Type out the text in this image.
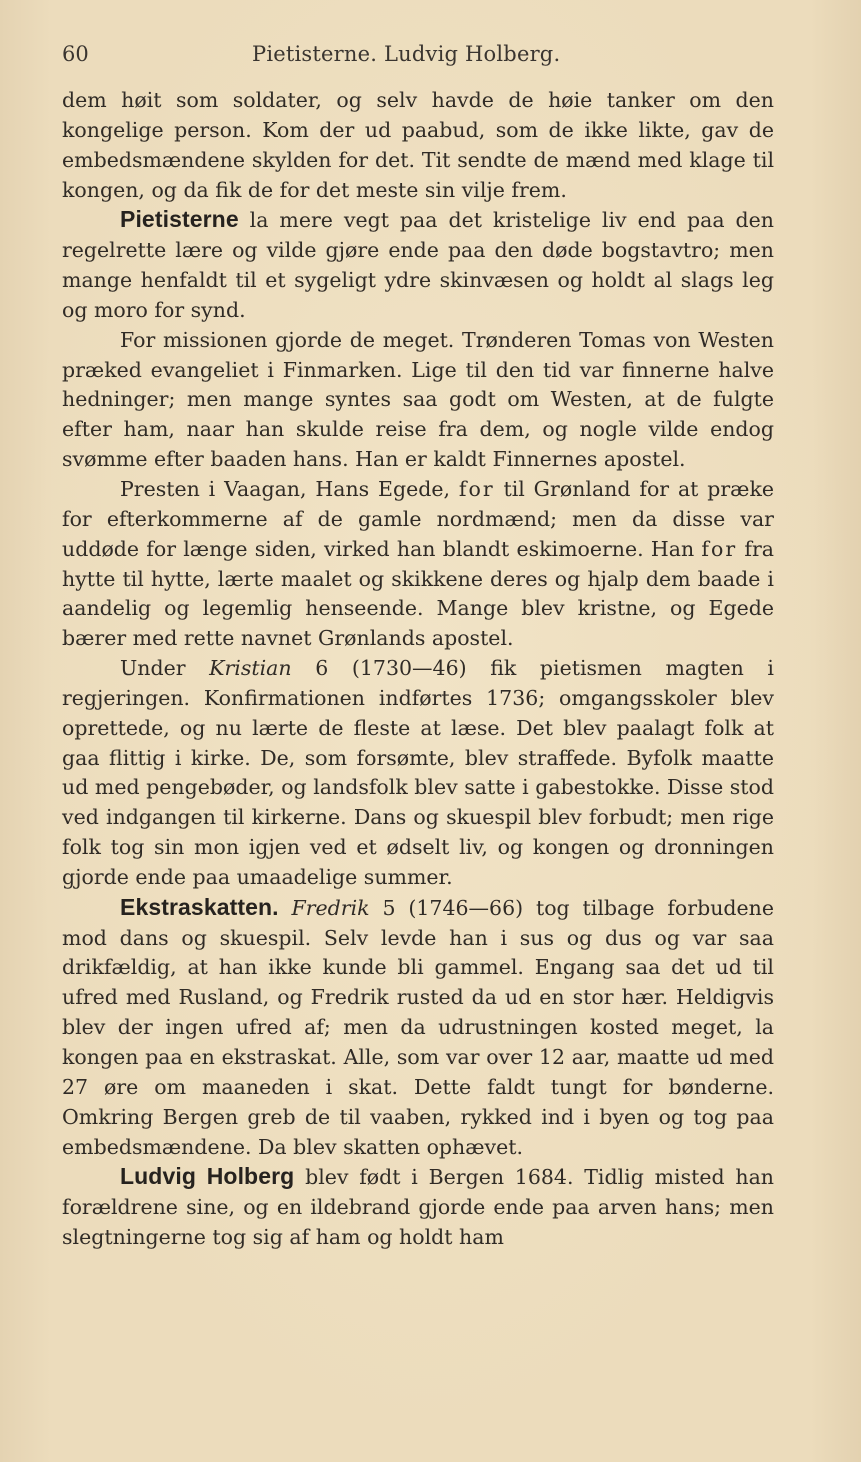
60	Pietisterne. Ludvig Holberg.

dem høit som soldater, og selv havde de høie tanker om den kongelige person. Kom der ud paabud, som de ikke likte, gav de embedsmændene skylden for det. Tit sendte de mænd med klage til kongen, og da fik de for det meste sin vilje frem.

Pietisterne la mere vegt paa det kristelige liv end paa den regelrette lære og vilde gjøre ende paa den døde bogstavtro; men mange henfaldt til et sygeligt ydre skinvæsen og holdt al slags leg og moro for synd.

For missionen gjorde de meget. Trønderen Tomas von Westen præked evangeliet i Finmarken. Lige til den tid var finnerne halve hedninger; men mange syntes saa godt om Westen, at de fulgte efter ham, naar han skulde reise fra dem, og nogle vilde endog svømme efter baaden hans. Han er kaldt Finnernes apostel.

Presten i Vaagan, Hans Egede, for til Grønland for at præke for efterkommerne af de gamle nordmænd; men da disse var uddøde for længe siden, virked han blandt eskimoerne. Han for fra hytte til hytte, lærte maalet og skikkene deres og hjalp dem baade i aandelig og legemlig henseende. Mange blev kristne, og Egede bærer med rette navnet Grønlands apostel.

Under Kristian 6 (1730—46) fik pietismen magten i regjeringen. Konfirmationen indførtes 1736; omgangsskoler blev oprettede, og nu lærte de fleste at læse. Det blev paalagt folk at gaa flittig i kirke. De, som forsømte, blev straffede. Byfolk maatte ud med pengebøder, og landsfolk blev satte i gabestokke. Disse stod ved indgangen til kirkerne. Dans og skuespil blev forbudt; men rige folk tog sin mon igjen ved et ødselt liv, og kongen og dronningen gjorde ende paa umaadelige summer.

Ekstraskatten. Fredrik 5 (1746—66) tog tilbage forbudene mod dans og skuespil. Selv levde han i sus og dus og var saa drikfældig, at han ikke kunde bli gammel. Engang saa det ud til ufred med Rusland, og Fredrik rusted da ud en stor hær. Heldigvis blev der ingen ufred af; men da udrustningen kosted meget, la kongen paa en ekstraskat. Alle, som var over 12 aar, maatte ud med 27 øre om maaneden i skat. Dette faldt tungt for bønderne. Omkring Bergen greb de til vaaben, rykked ind i byen og tog paa embedsmændene. Da blev skatten ophævet.

Ludvig Holberg blev født i Bergen 1684. Tidlig misted han forældrene sine, og en ildebrand gjorde ende paa arven hans; men slegtningerne tog sig af ham og holdt ham
